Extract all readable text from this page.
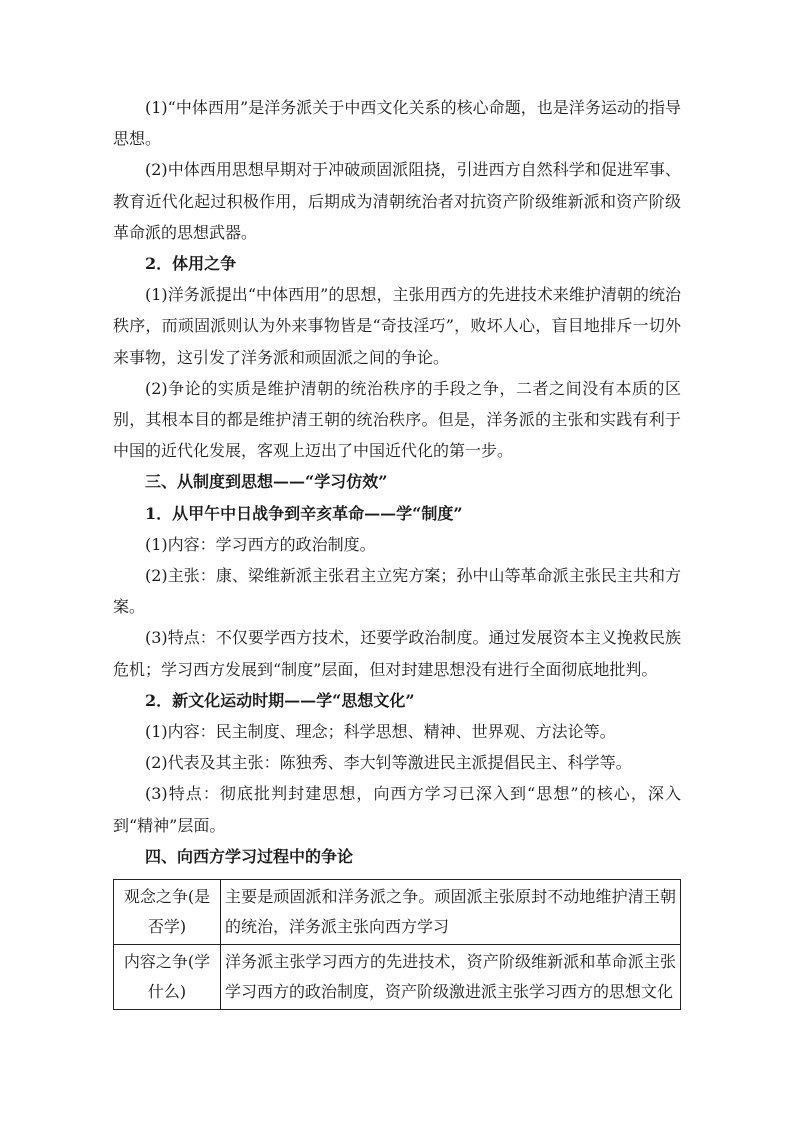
(1)“中体西用”是洋务派关于中西文化关系的核心命题，也是洋务运动的指导思想。

(2)中体西用思想早期对于冲破顽固派阻挠，引进西方自然科学和促进军事、教育近代化起过积极作用，后期成为清朝统治者对抗资产阶级维新派和资产阶级革命派的思想武器。

2．体用之争

(1)洋务派提出“中体西用”的思想，主张用西方的先进技术来维护清朝的统治秩序，而顽固派则认为外来事物皆是“奇技淫巧”，败坏人心，盲目地排斥一切外来事物，这引发了洋务派和顽固派之间的争论。

(2)争论的实质是维护清朝的统治秩序的手段之争，二者之间没有本质的区别，其根本目的都是维护清王朝的统治秩序。但是，洋务派的主张和实践有利于中国的近代化发展，客观上迈出了中国近代化的第一步。

三、从制度到思想——“学习仿效”

1．从甲午中日战争到辛亥革命——学“制度”

(1)内容：学习西方的政治制度。

(2)主张：康、梁维新派主张君主立宪方案；孙中山等革命派主张民主共和方案。

(3)特点：不仅要学西方技术，还要学政治制度。通过发展资本主义挽救民族危机；学习西方发展到“制度”层面，但对封建思想没有进行全面彻底地批判。

2．新文化运动时期——学“思想文化”

(1)内容：民主制度、理念；科学思想、精神、世界观、方法论等。

(2)代表及其主张：陈独秀、李大钊等激进民主派提倡民主、科学等。

(3)特点：彻底批判封建思想，向西方学习已深入到“思想”的核心，深入到“精神”层面。

四、向西方学习过程中的争论

观念之争(是否学)	主要是顽固派和洋务派之争。顽固派主张原封不动地维护清王朝的统治，洋务派主张向西方学习
内容之争(学什么)	洋务派主张学习西方的先进技术，资产阶级维新派和革命派主张学习西方的政治制度，资产阶级激进派主张学习西方的思想文化
